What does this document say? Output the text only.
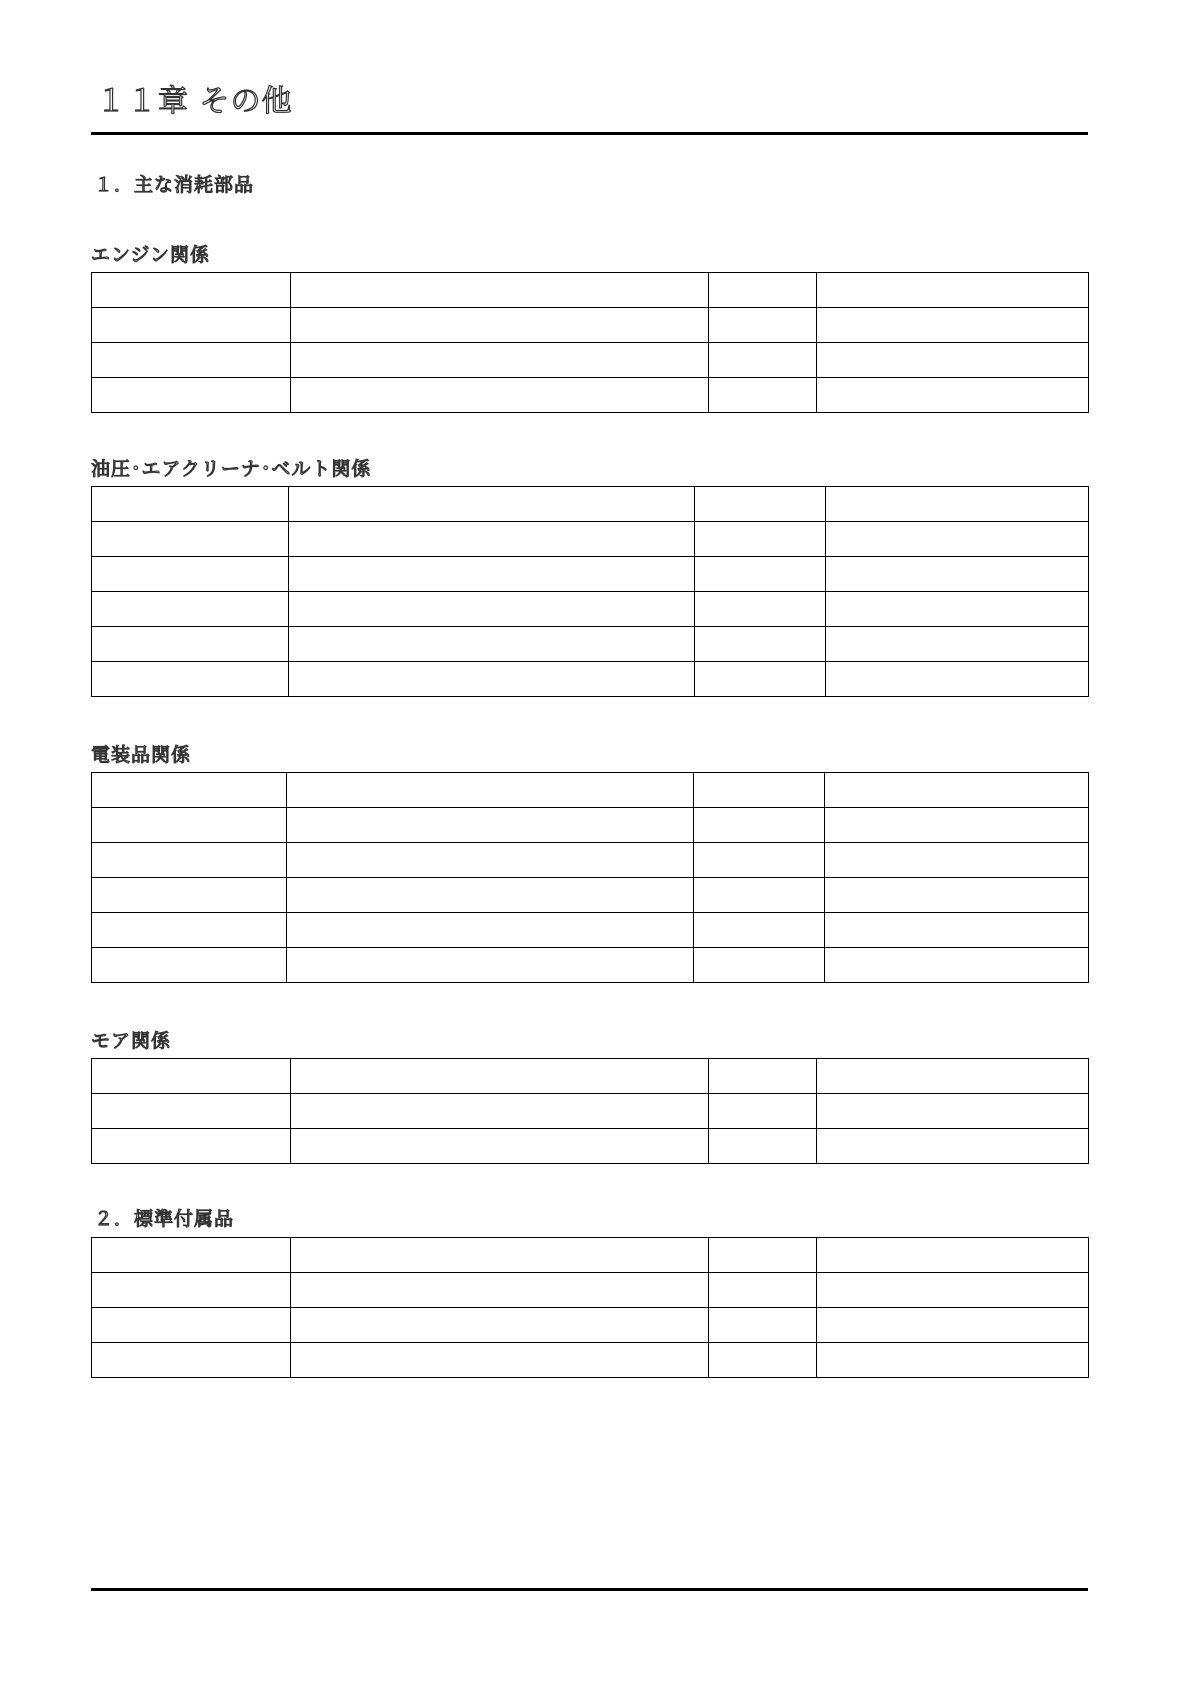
１１章 その他
１．主な消耗部品
エンジン関係

油圧･エアクリーナ･ベルト関係

電装品関係

モア関係

２．標準付属品
